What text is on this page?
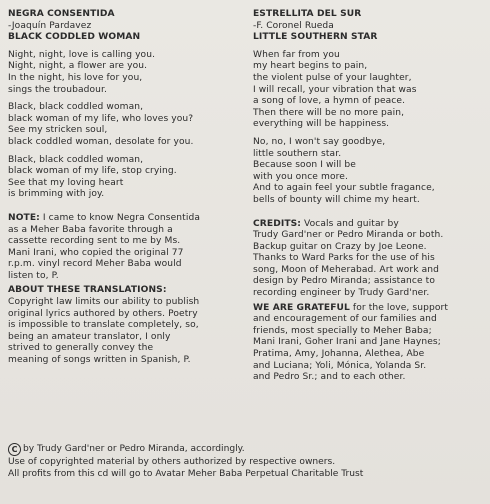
NEGRA CONSENTIDA
-Joaquín Pardavez
BLACK CODDLED WOMAN
Night, night, love is calling you.
Night, night, a flower are you.
In the night, his love for you,
sings the troubadour.
Black, black coddled woman,
black woman of my life, who loves you?
See my stricken soul,
black coddled woman, desolate for you.
Black, black coddled woman,
black woman of my life, stop crying.
See that my loving heart
is brimming with joy.
NOTE: I came to know Negra Consentida
as a Meher Baba favorite through a
cassette recording sent to me by Ms.
Mani Irani, who copied the original 77
r.p.m. vinyl record Meher Baba would
listen to, P.
ABOUT THESE TRANSLATIONS:
Copyright law limits our ability to publish
original lyrics authored by others. Poetry
is impossible to translate completely, so,
being an amateur translator, I only
strived to generally convey the
meaning of songs written in Spanish, P.
ESTRELLITA DEL SUR
-F. Coronel Rueda
LITTLE SOUTHERN STAR
When far from you
my heart begins to pain,
the violent pulse of your laughter,
I will recall, your vibration that was
a song of love, a hymn of peace.
Then there will be no more pain,
everything will be happiness.
No, no, I won't say goodbye,
little southern star.
Because soon I will be
with you once more.
And to again feel your subtle fragance,
bells of bounty will chime my heart.
CREDITS: Vocals and guitar by
Trudy Gard'ner or Pedro Miranda or both.
Backup guitar on Crazy by Joe Leone.
Thanks to Ward Parks for the use of his
song, Moon of Meherabad. Art work and
design by Pedro Miranda; assistance to
recording engineer by Trudy Gard'ner.
WE ARE GRATEFUL for the love, support
and encouragement of our families and
friends, most specially to Meher Baba;
Mani Irani, Goher Irani and Jane Haynes;
Pratima, Amy, Johanna, Alethea, Abe
and Luciana; Yoli, Mónica, Yolanda Sr.
and Pedro Sr.; and to each other.
C by Trudy Gard'ner or Pedro Miranda, accordingly.
Use of copyrighted material by others authorized by respective owners.
All profits from this cd will go to Avatar Meher Baba Perpetual Charitable Trust
